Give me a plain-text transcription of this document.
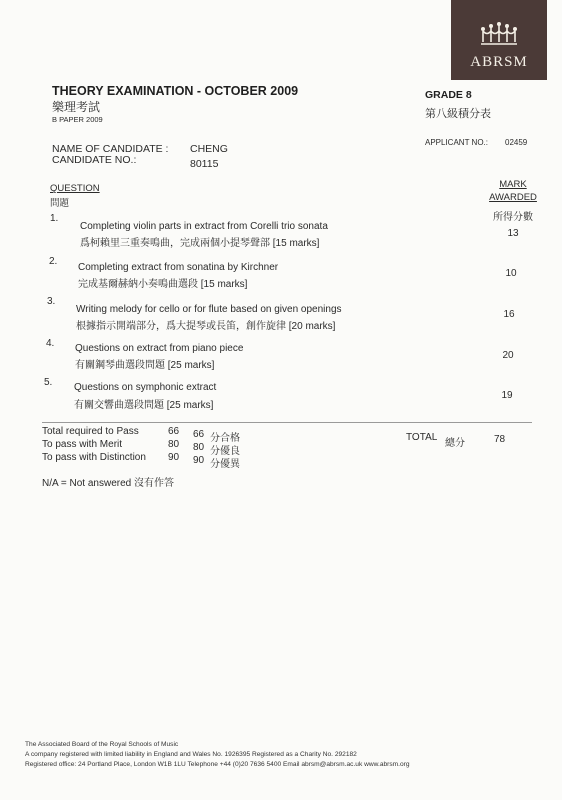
ABRSM
THEORY EXAMINATION - OCTOBER 2009
樂理考試
B PAPER 2009
GRADE 8
第八級積分表
APPLICANT NO.: 02459
NAME OF CANDIDATE : CHENG
CANDIDATE NO.:	80115
QUESTION
問題
MARK
AWARDED
所得分數
1.
Completing violin parts in extract from Corelli trio sonata
爲柯賴里三重奏鳴曲，完成兩個小提琴聲部 [15 marks]
13
2.
Completing extract from sonatina by Kirchner
完成基爾赫納小奏鳴曲選段 [15 marks]
10
3.
Writing melody for cello or for flute based on given openings
根據指示開端部分，爲大提琴或長笛，創作旋律 [20 marks]
16
4. Questions on extract from piano piece
有關鋼琴曲選段問題 [25 marks]
20
5. Questions on symphonic extract
有關交響曲選段問題 [25 marks]
19
Total required to Pass	66 66 分合格
To pass with Merit	80 80 分優良
To pass with Distinction 90 90 分優異
TOTAL
總分	78
N/A = Not answered 沒有作答
The Associated Board of the Royal Schools of Music
A company registered with limited liability in England and Wales No. 1926395 Registered as a Charity No. 292182
Registered office: 24 Portland Place, London W1B 1LU Telephone +44 (0)20 7636 5400 Email abrsm@abrsm.ac.uk www.abrsm.org
